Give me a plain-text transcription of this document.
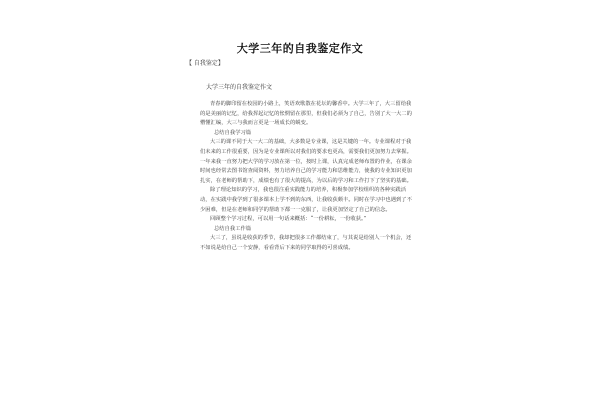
大学三年的自我鉴定作文
【 自我鉴定】
大学三年的自我鉴定作文

青春的脚印留在校园的小路上，笑语欢歌散在花坛的馨香中。大学三年了，大三留给我的是美丽的记忆，给我挥起记忆的怅惘留在那里，但我们必须为了自己，告别了大一大二的懵懂汇编，大三与我而言更是一场成长的蜕变。

总结自我学习篇

大三的课不同于大一大二的基础，大多数是专业课，这是关键的一年。专业课程对于我们未来的工作很重要，因为是专业课所以对我们的要求也更高，需要我们更加努力去掌握。一年来我一直努力把大学的学习放在第一位，按时上课，认真完成老师布置的作业，在课余时间也经常去图书馆查阅资料，努力培养自己的学习能力和思维能力，使我的专业知识更加扎实，在老师的帮助下，成绩也有了很大的提高，为以后的学习和工作打下了坚实的基础。

除了理论知识的学习，我也很注重实践能力的培养，积极参加学校组织的各种实践活动，在实践中我学到了很多课本上学不到的东西，让我收获颇丰。同时在学习中也遇到了不少困难，但是在老师和同学的帮助下都一一克服了，让我更加坚定了自己的信念。

回顾整个学习过程，可以用一句话来概括：“一份耕耘，一份收获。”

总结自我工作篇

大三了，虽说是收获的季节，我却把很多工作都结束了，与其说是给别人一个机会，还不如说是给自己一个安静，看看背后下来的同学取得的可喜成绩。
